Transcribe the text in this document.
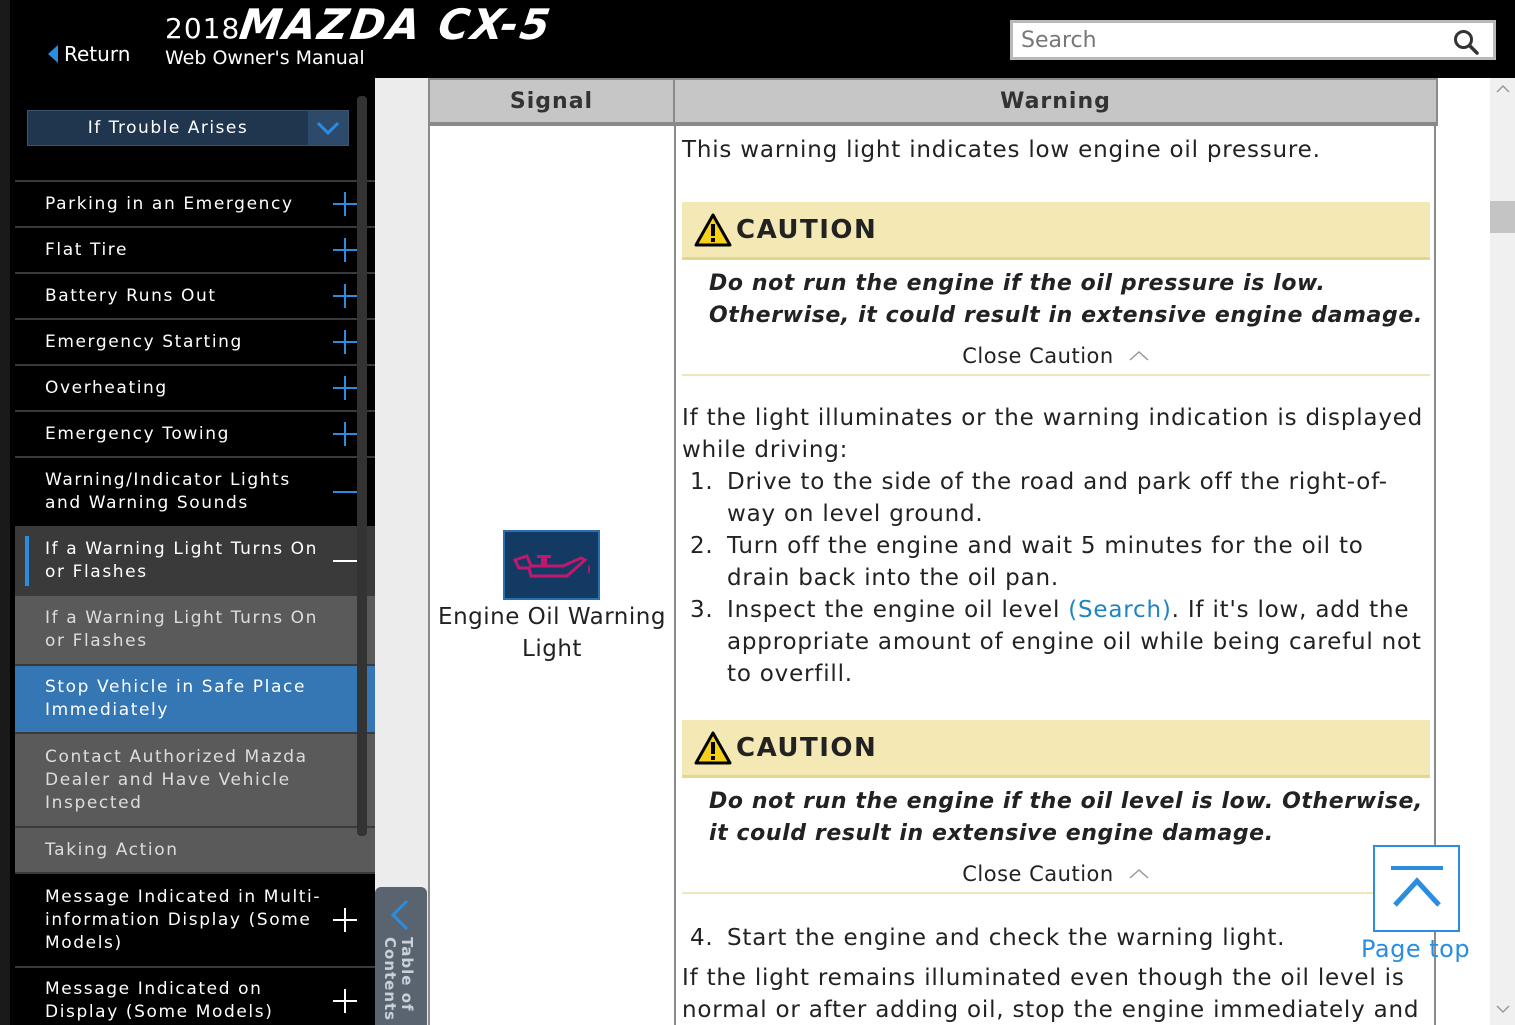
Return
2018
MAZDA CX-5
Web Owner's Manual
Search
If Trouble Arises
Parking in an Emergency
Flat Tire
Battery Runs Out
Emergency Starting
Overheating
Emergency Towing
Warning/Indicator Lights and Warning Sounds
If a Warning Light Turns On or Flashes
If a Warning Light Turns On or Flashes
Stop Vehicle in Safe Place Immediately
Contact Authorized Mazda Dealer and Have Vehicle Inspected
Taking Action
Message Indicated in Multi-information Display (Some Models)
Message Indicated on Display (Some Models)
Table of Contents
Signal	Warning
Engine Oil Warning Light

This warning light indicates low engine oil pressure.

CAUTION
Do not run the engine if the oil pressure is low.
Otherwise, it could result in extensive engine damage.
Close Caution

If the light illuminates or the warning indication is displayed while driving:

1. Drive to the side of the road and park off the right-of-way on level ground.
2. Turn off the engine and wait 5 minutes for the oil to drain back into the oil pan.
3. Inspect the engine oil level (Search). If it's low, add the appropriate amount of engine oil while being careful not to overfill.
CAUTION
Do not run the engine if the oil level is low. Otherwise,
it could result in extensive engine damage.
Close Caution
4. Start the engine and check the warning light.

If the light remains illuminated even though the oil level is normal or after adding oil, stop the engine immediately and

Page top
